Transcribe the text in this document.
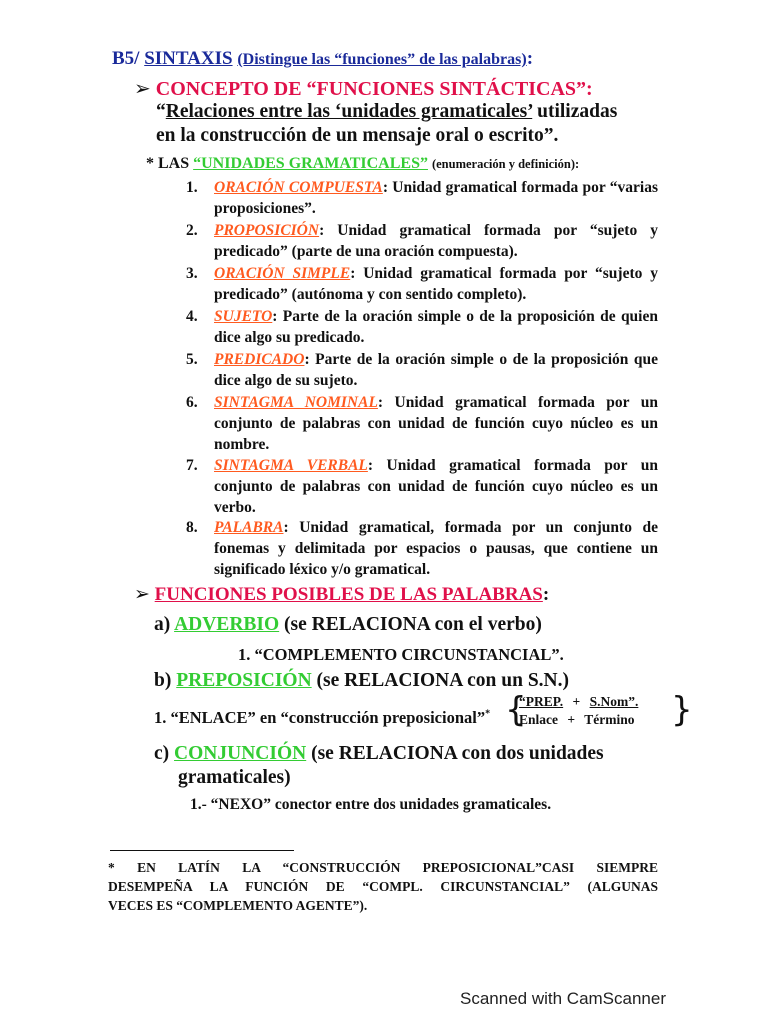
B5/ SINTAXIS (Distingue las “funciones” de las palabras):
➢ CONCEPTO DE “FUNCIONES SINTÁCTICAS”:
“Relaciones entre las ‘unidades gramaticales’ utilizadas
en la construcción de un mensaje oral o escrito”.
* LAS “UNIDADES GRAMATICALES” (enumeración y definición):
1. ORACIÓN COMPUESTA: Unidad gramatical formada por “varias proposiciones”.
2. PROPOSICIÓN: Unidad gramatical formada por “sujeto y predicado” (parte de una oración compuesta).
3. ORACIÓN SIMPLE: Unidad gramatical formada por “sujeto y predicado” (autónoma y con sentido completo).
4. SUJETO: Parte de la oración simple o de la proposición de quien dice algo su predicado.
5. PREDICADO: Parte de la oración simple o de la proposición que dice algo de su sujeto.
6. SINTAGMA NOMINAL: Unidad gramatical formada por un conjunto de palabras con unidad de función cuyo núcleo es un nombre.
7. SINTAGMA VERBAL: Unidad gramatical formada por un conjunto de palabras con unidad de función cuyo núcleo es un verbo.
8. PALABRA: Unidad gramatical, formada por un conjunto de fonemas y delimitada por espacios o pausas, que contiene un significado léxico y/o gramatical.
➢ FUNCIONES POSIBLES DE LAS PALABRAS:
a) ADVERBIO (se RELACIONA con el verbo)
1. “COMPLEMENTO CIRCUNSTANCIAL”.
b) PREPOSICIÓN (se RELACIONA con un S.N.)
1. “ENLACE” en “construcción preposicional”* {	}
“PREP. + S.Nom”.
Enlace + Término
c) CONJUNCIÓN (se RELACIONA con dos unidades
gramaticales)
1.- “NEXO” conector entre dos unidades gramaticales.
* EN LATÍN LA “CONSTRUCCIÓN PREPOSICIONAL”CASI SIEMPRE
DESEMPEÑA LA FUNCIÓN DE “COMPL. CIRCUNSTANCIAL” (ALGUNAS
VECES ES “COMPLEMENTO AGENTE”).
Scanned with CamScanner
